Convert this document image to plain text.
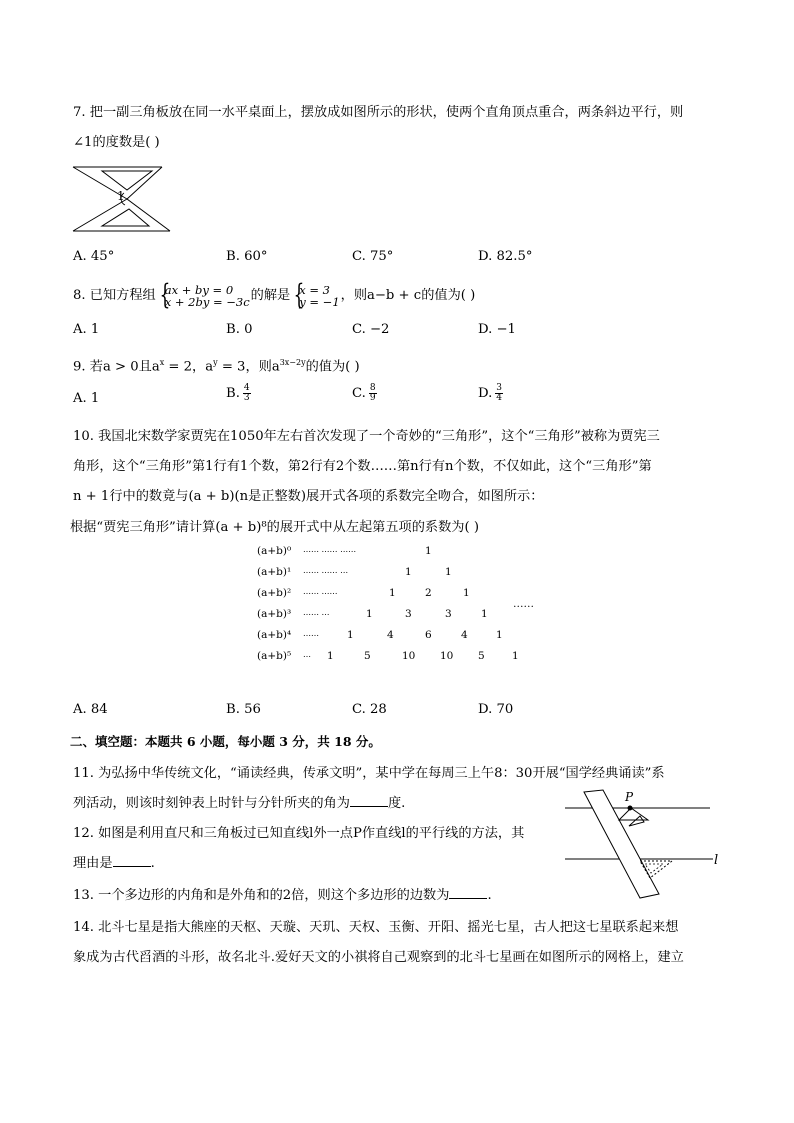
7. 把一副三角板放在同一水平桌面上，摆放成如图所示的形状，使两个直角顶点重合，两条斜边平行，则
∠1的度数是( )
1
A. 45°	B. 60°	C. 75°	D. 82.5°
8. 已知方程组 { ax + by = 0
x + 2by = −3c 的解是 { x = 3
y = −1 ，则a−b + c的值为( )
A. 1	B. 0	C. −2	D. −1
9. 若a > 0且$a^x = 2$，$a^y = 3$，则$a^{3x-2y}$的值为( )
A. 1	B. $\frac{4}{3}$	C. $\frac{8}{9}$	D. $\frac{3}{4}$
10. 我国北宋数学家贾宪在1050年左右首次发现了一个奇妙的“三角形”，这个“三角形”被称为贾宪三
角形，这个“三角形”第1行有1个数，第2行有2个数……第n行有n个数，不仅如此，这个“三角形”第
n + 1行中的数竟与(a + b)(n是正整数)展开式各项的系数完全吻合，如图所示：
根据“贾宪三角形”请计算(a + b)⁸的展开式中从左起第五项的系数为( )
(a+b)⁰ …… …… ……	1
(a+b)¹ …… …… …	1	1
(a+b)² …… ……	1	2	1
(a+b)³ …… …	1	3	3	1
……
(a+b)⁴ ……	1	4	6	4	1
(a+b)⁵ … 1	5	10 10 5	1
A. 84	B. 56	C. 28	D. 70
二、填空题：本题共 6 小题，每小题 3 分，共 18 分。
11. 为弘扬中华传统文化，“诵读经典，传承文明”，某中学在每周三上午8：30开展“国学经典诵读”系
列活动，则该时刻钟表上时针与分针所夹的角为	度.
12. 如图是利用直尺和三角板过已知直线l外一点P作直线l的平行线的方法，其
理由是	.
P
l
13. 一个多边形的内角和是外角和的2倍，则这个多边形的边数为	.
14. 北斗七星是指大熊座的天枢、天璇、天玑、天权、玉衡、开阳、摇光七星，古人把这七星联系起来想
象成为古代舀酒的斗形，故名北斗.爱好天文的小祺将自己观察到的北斗七星画在如图所示的网格上，建立
